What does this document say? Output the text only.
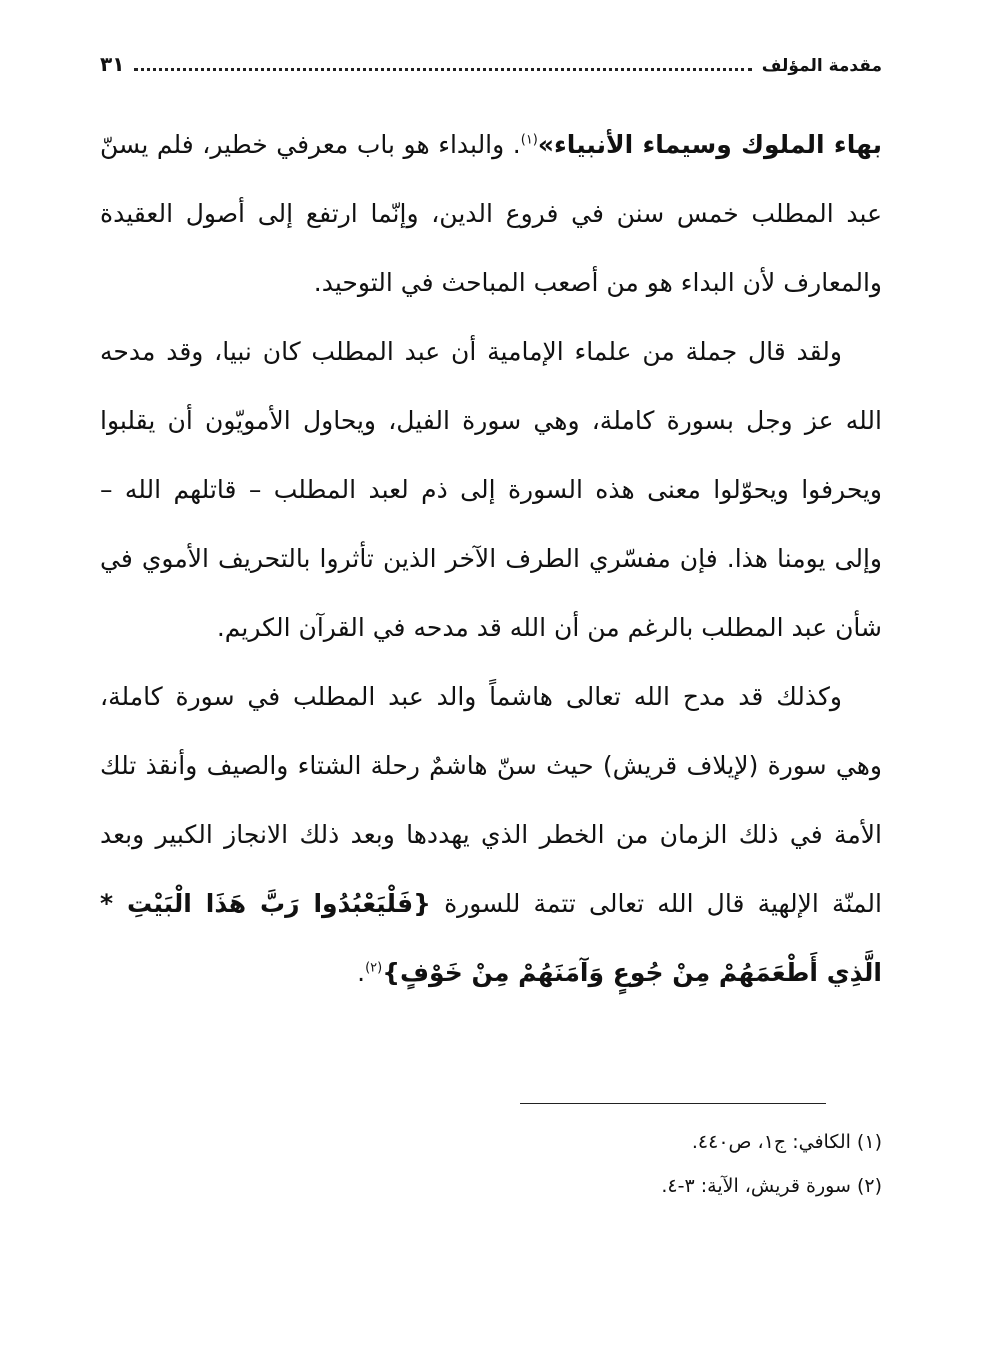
مقدمة المؤلف
٣١

بهاء الملوك وسيماء الأنبياء»$^{(١)}$. والبداء هو باب معرفي خطير، فلم يسنّ عبد المطلب خمس سنن في فروع الدين، وإنّما ارتفع إلى أصول العقيدة والمعارف لأن البداء هو من أصعب المباحث في التوحيد.

ولقد قال جملة من علماء الإمامية أن عبد المطلب كان نبيا، وقد مدحه الله عز وجل بسورة كاملة، وهي سورة الفيل، ويحاول الأمويّون أن يقلبوا ويحرفوا ويحوّلوا معنى هذه السورة إلى ذم لعبد المطلب – قاتلهم الله – وإلى يومنا هذا. فإن مفسّري الطرف الآخر الذين تأثروا بالتحريف الأموي في شأن عبد المطلب بالرغم من أن الله قد مدحه في القرآن الكريم.

وكذلك قد مدح الله تعالى هاشماً والد عبد المطلب في سورة كاملة، وهي سورة (لإيلاف قريش) حيث سنّ هاشمٌ رحلة الشتاء والصيف وأنقذ تلك الأمة في ذلك الزمان من الخطر الذي يهددها وبعد ذلك الانجاز الكبير وبعد المنّة الإلهية قال الله تعالى تتمة للسورة {فَلْيَعْبُدُوا رَبَّ هَذَا الْبَيْتِ * الَّذِي أَطْعَمَهُمْ مِنْ جُوعٍ وَآمَنَهُمْ مِنْ خَوْفٍ}$^{(٢)}$.

(١) الكافي: ج١، ص٤٤٠.

(٢) سورة قريش، الآية: ٣-٤.
